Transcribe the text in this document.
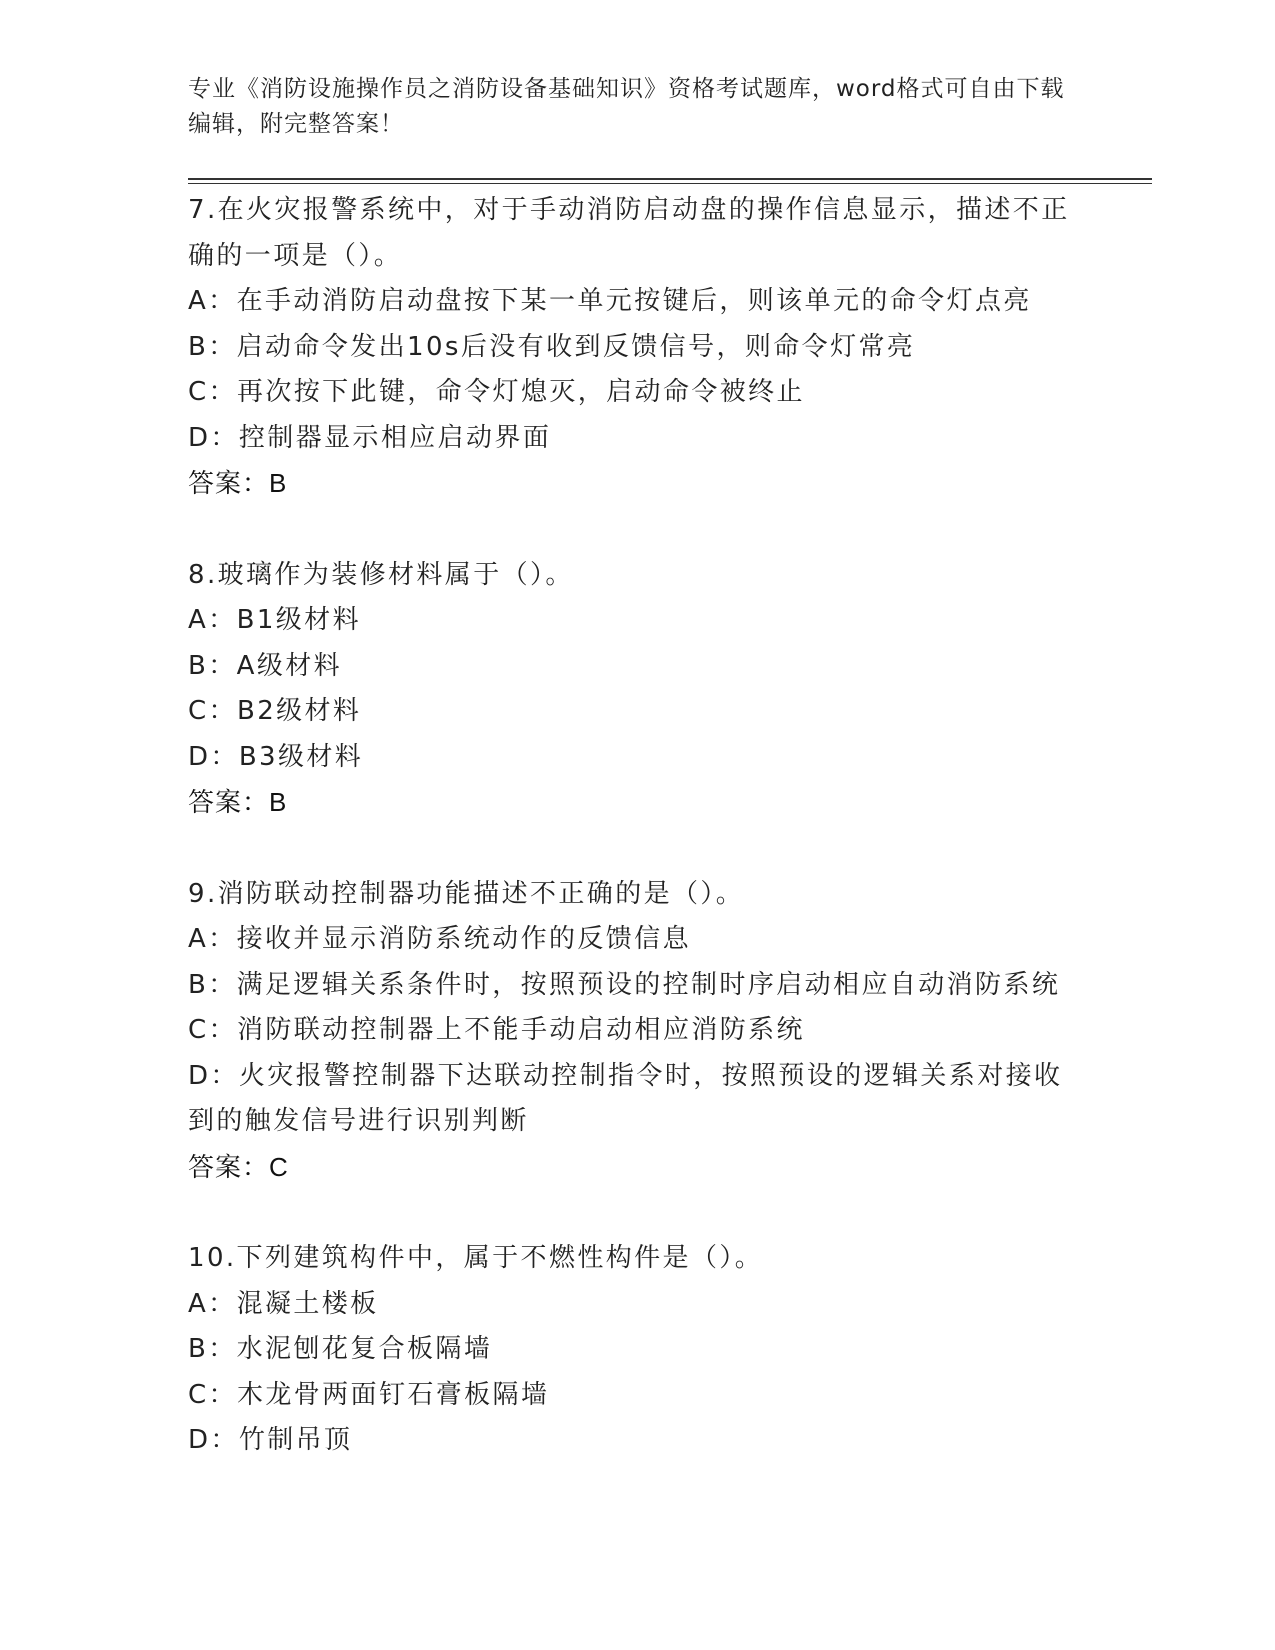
专业《消防设施操作员之消防设备基础知识》资格考试题库，word格式可自由下载编辑，附完整答案！
7.在火灾报警系统中，对于手动消防启动盘的操作信息显示，描述不正确的一项是（）。
A：在手动消防启动盘按下某一单元按键后，则该单元的命令灯点亮
B：启动命令发出10s后没有收到反馈信号，则命令灯常亮
C：再次按下此键，命令灯熄灭，启动命令被终止
D：控制器显示相应启动界面
答案：B
8.玻璃作为装修材料属于（）。
A：B1级材料
B：A级材料
C：B2级材料
D：B3级材料
答案：B
9.消防联动控制器功能描述不正确的是（）。
A：接收并显示消防系统动作的反馈信息
B：满足逻辑关系条件时，按照预设的控制时序启动相应自动消防系统
C：消防联动控制器上不能手动启动相应消防系统
D：火灾报警控制器下达联动控制指令时，按照预设的逻辑关系对接收到的触发信号进行识别判断
答案：C
10.下列建筑构件中，属于不燃性构件是（）。
A：混凝土楼板
B：水泥刨花复合板隔墙
C：木龙骨两面钉石膏板隔墙
D：竹制吊顶
